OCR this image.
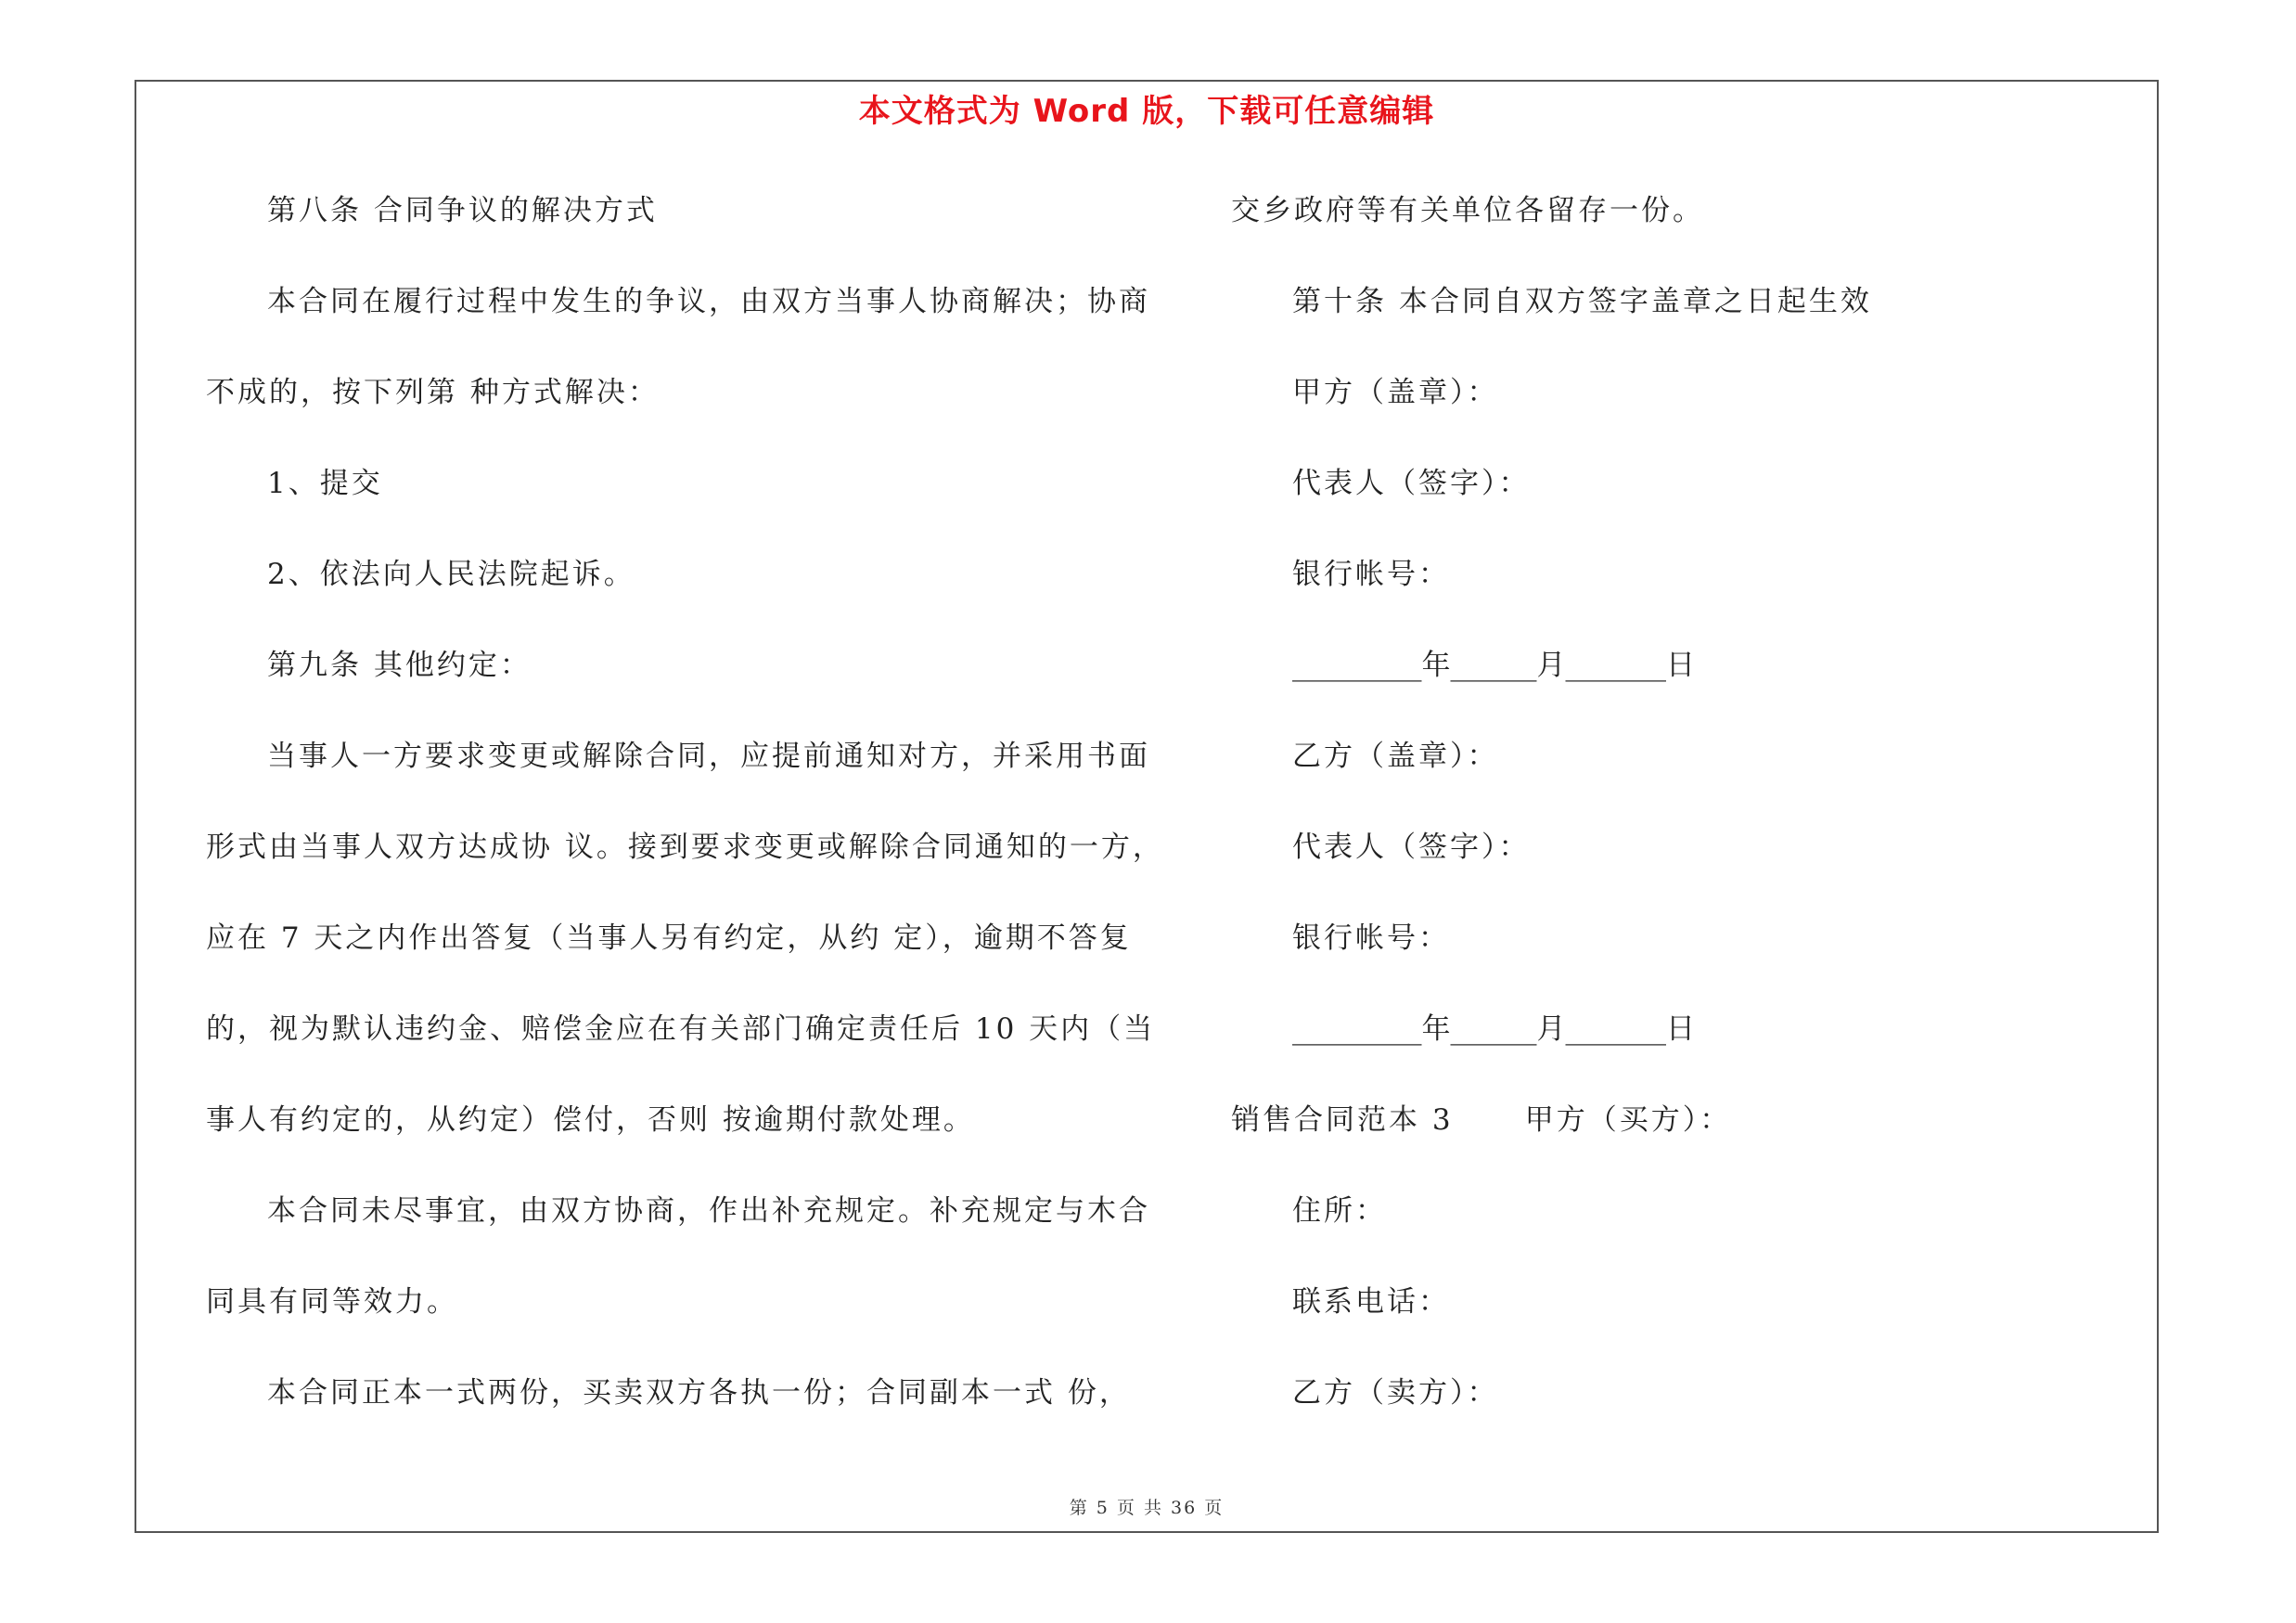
本文格式为 Word 版，下载可任意编辑
第八条 合同争议的解决方式
本合同在履行过程中发生的争议，由双方当事人协商解决；协商
不成的，按下列第 种方式解决：
1、提交
2、依法向人民法院起诉。
第九条 其他约定：
当事人一方要求变更或解除合同，应提前通知对方，并采用书面
形式由当事人双方达成协 议。接到要求变更或解除合同通知的一方，
应在 7 天之内作出答复（当事人另有约定，从约 定），逾期不答复
的，视为默认违约金、赔偿金应在有关部门确定责任后 10 天内（当
事人有约定的，从约定）偿付，否则 按逾期付款处理。
本合同未尽事宜，由双方协商，作出补充规定。补充规定与木合
同具有同等效力。
本合同正本一式两份，买卖双方各执一份；合同副本一式 份，
交乡政府等有关单位各留存一份。
第十条 本合同自双方签字盖章之日起生效
甲方（盖章）：
代表人（签字）：
银行帐号：
_________年______月_______日
乙方（盖章）：
代表人（签字）：
银行帐号：
_________年______月_______日
销售合同范本 3      甲方（买方）：
住所：
联系电话：
乙方（卖方）：
第 5 页 共 36 页
